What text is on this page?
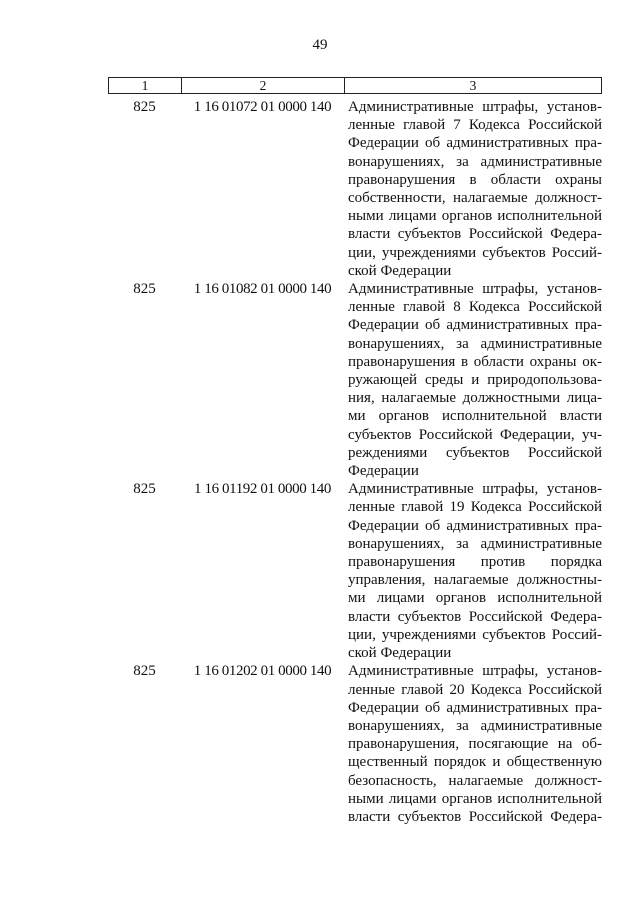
49
1	2	3
825	1 16 01072 01 0000 140	Административные штрафы, установ-
ленные главой 7 Кодекса Российской
Федерации об административных пра-
вонарушениях, за административные
правонарушения в области охраны
собственности, налагаемые должност-
ными лицами органов исполнительной
власти субъектов Российской Федера-
ции, учреждениями субъектов Россий-
ской Федерации
825	1 16 01082 01 0000 140	Административные штрафы, установ-
ленные главой 8 Кодекса Российской
Федерации об административных пра-
вонарушениях, за административные
правонарушения в области охраны ок-
ружающей среды и природопользова-
ния, налагаемые должностными лица-
ми органов исполнительной власти
субъектов Российской Федерации, уч-
реждениями субъектов Российской
Федерации
825	1 16 01192 01 0000 140	Административные штрафы, установ-
ленные главой 19 Кодекса Российской
Федерации об административных пра-
вонарушениях, за административные
правонарушения против порядка
управления, налагаемые должностны-
ми лицами органов исполнительной
власти субъектов Российской Федера-
ции, учреждениями субъектов Россий-
ской Федерации
825	1 16 01202 01 0000 140	Административные штрафы, установ-
ленные главой 20 Кодекса Российской
Федерации об административных пра-
вонарушениях, за административные
правонарушения, посягающие на об-
щественный порядок и общественную
безопасность, налагаемые должност-
ными лицами органов исполнительной
власти субъектов Российской Федера-
